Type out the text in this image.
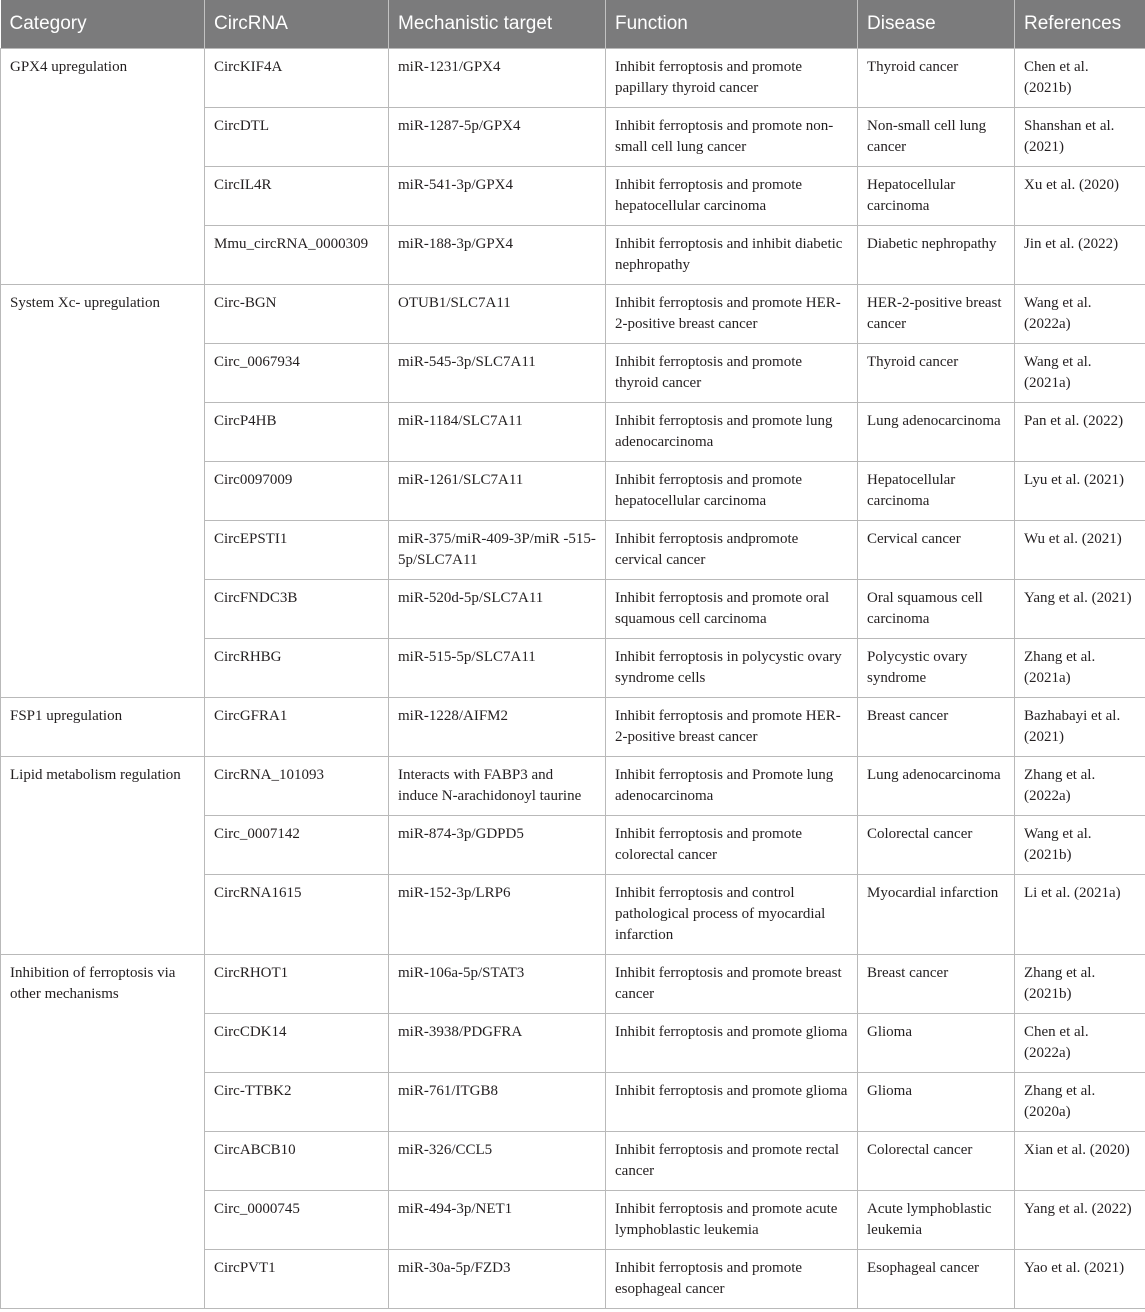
Category	CircRNA	Mechanistic target	Function	Disease	References
GPX4 upregulation	CircKIF4A	miR-1231/GPX4	Inhibit ferroptosis and promote papillary thyroid cancer	Thyroid cancer	Chen et al. (2021b)
	CircDTL	miR-1287-5p/GPX4	Inhibit ferroptosis and promote non-small cell lung cancer	Non-small cell lung cancer	Shanshan et al. (2021)
	CircIL4R	miR-541-3p/GPX4	Inhibit ferroptosis and promote hepatocellular carcinoma	Hepatocellular carcinoma	Xu et al. (2020)
	Mmu_circRNA_0000309	miR-188-3p/GPX4	Inhibit ferroptosis and inhibit diabetic nephropathy	Diabetic nephropathy	Jin et al. (2022)
System Xc- upregulation	Circ-BGN	OTUB1/SLC7A11	Inhibit ferroptosis and promote HER-2-positive breast cancer	HER-2-positive breast cancer	Wang et al. (2022a)
	Circ_0067934	miR-545-3p/SLC7A11	Inhibit ferroptosis and promote thyroid cancer	Thyroid cancer	Wang et al. (2021a)
	CircP4HB	miR-1184/SLC7A11	Inhibit ferroptosis and promote lung adenocarcinoma	Lung adenocarcinoma	Pan et al. (2022)
	Circ0097009	miR-1261/SLC7A11	Inhibit ferroptosis and promote hepatocellular carcinoma	Hepatocellular carcinoma	Lyu et al. (2021)
	CircEPSTI1	miR-375/miR-409-3P/miR -515-5p/SLC7A11	Inhibit ferroptosis andpromote cervical cancer	Cervical cancer	Wu et al. (2021)
	CircFNDC3B	miR-520d-5p/SLC7A11	Inhibit ferroptosis and promote oral squamous cell carcinoma	Oral squamous cell carcinoma	Yang et al. (2021)
	CircRHBG	miR-515-5p/SLC7A11	Inhibit ferroptosis in polycystic ovary syndrome cells	Polycystic ovary syndrome	Zhang et al. (2021a)
FSP1 upregulation	CircGFRA1	miR-1228/AIFM2	Inhibit ferroptosis and promote HER-2-positive breast cancer	Breast cancer	Bazhabayi et al. (2021)
Lipid metabolism regulation	CircRNA_101093	Interacts with FABP3 and induce N-arachidonoyl taurine	Inhibit ferroptosis and Promote lung adenocarcinoma	Lung adenocarcinoma	Zhang et al. (2022a)
	Circ_0007142	miR-874-3p/GDPD5	Inhibit ferroptosis and promote colorectal cancer	Colorectal cancer	Wang et al. (2021b)
	CircRNA1615	miR-152-3p/LRP6	Inhibit ferroptosis and control pathological process of myocardial infarction	Myocardial infarction	Li et al. (2021a)
Inhibition of ferroptosis via other mechanisms	CircRHOT1	miR-106a-5p/STAT3	Inhibit ferroptosis and promote breast cancer	Breast cancer	Zhang et al. (2021b)
	CircCDK14	miR-3938/PDGFRA	Inhibit ferroptosis and promote glioma	Glioma	Chen et al. (2022a)
	Circ-TTBK2	miR-761/ITGB8	Inhibit ferroptosis and promote glioma	Glioma	Zhang et al. (2020a)
	CircABCB10	miR-326/CCL5	Inhibit ferroptosis and promote rectal cancer	Colorectal cancer	Xian et al. (2020)
	Circ_0000745	miR-494-3p/NET1	Inhibit ferroptosis and promote acute lymphoblastic leukemia	Acute lymphoblastic leukemia	Yang et al. (2022)
	CircPVT1	miR-30a-5p/FZD3	Inhibit ferroptosis and promote esophageal cancer	Esophageal cancer	Yao et al. (2021)
